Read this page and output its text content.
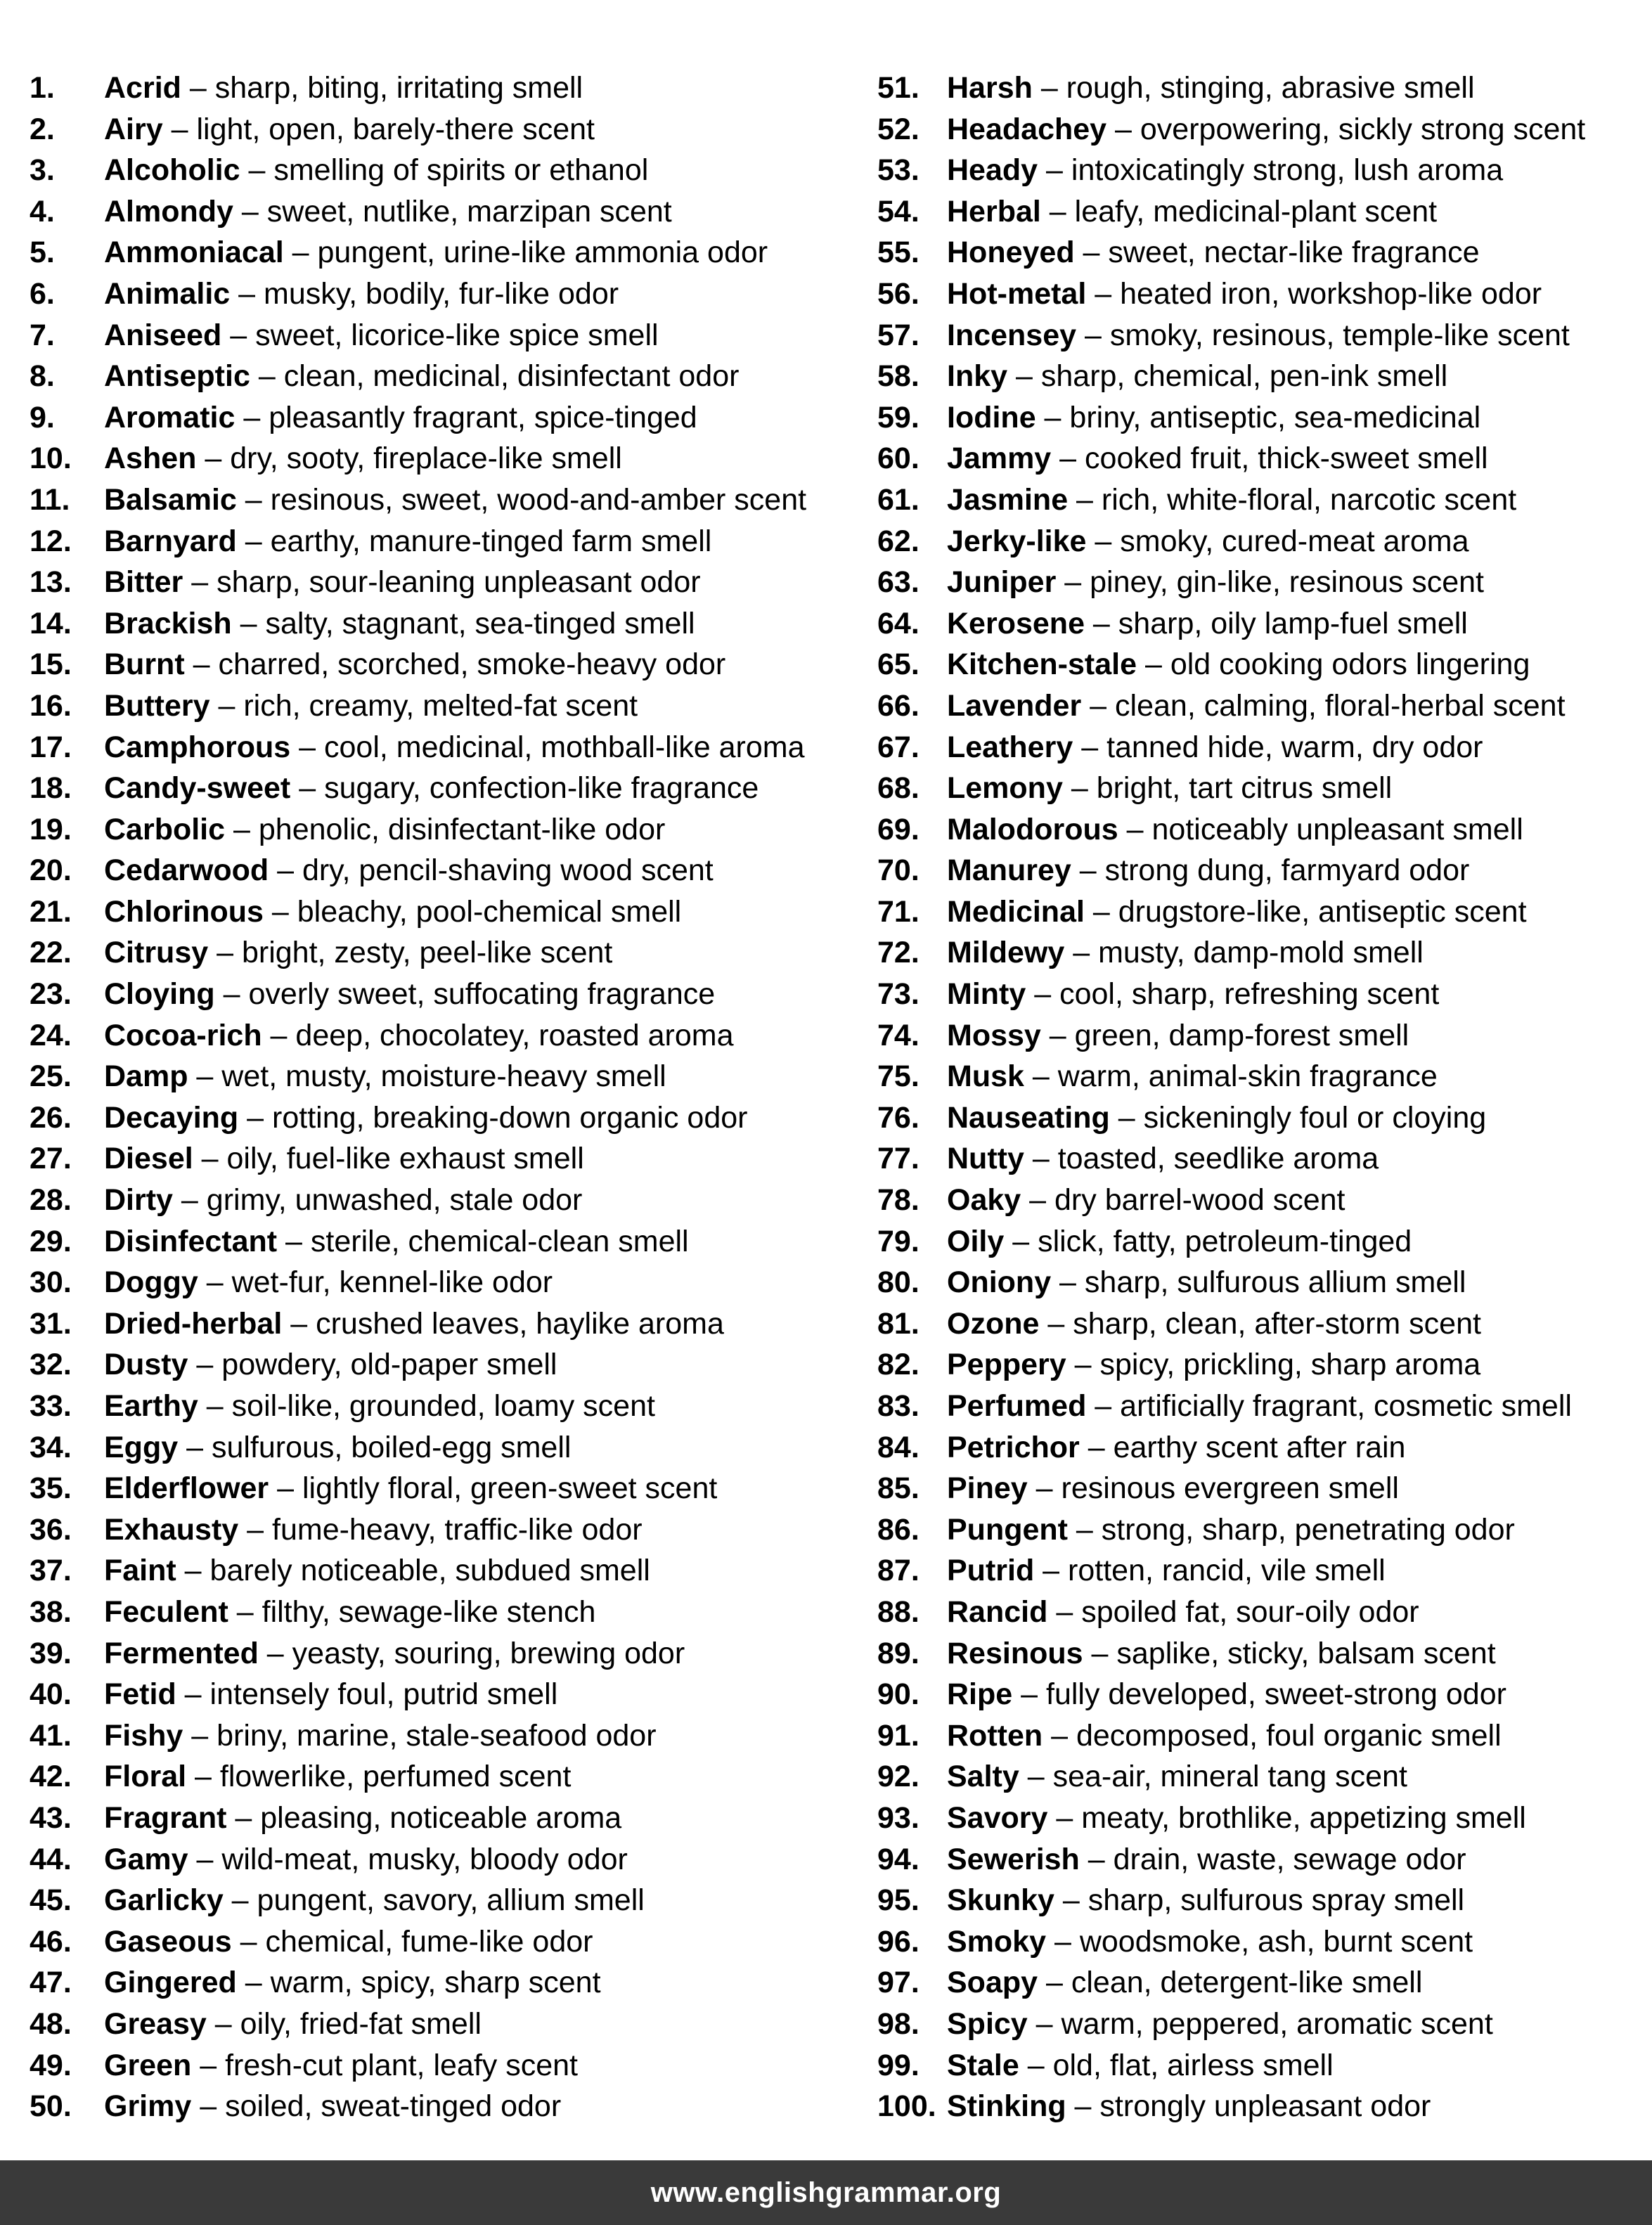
1.	Acrid – sharp, biting, irritating smell
2.	Airy – light, open, barely-there scent
3.	Alcoholic – smelling of spirits or ethanol
4.	Almondy – sweet, nutlike, marzipan scent
5.	Ammoniacal – pungent, urine-like ammonia odor
6.	Animalic – musky, bodily, fur-like odor
7.	Aniseed – sweet, licorice-like spice smell
8.	Antiseptic – clean, medicinal, disinfectant odor
9.	Aromatic – pleasantly fragrant, spice-tinged
10.	Ashen – dry, sooty, fireplace-like smell
11.	Balsamic – resinous, sweet, wood-and-amber scent
12.	Barnyard – earthy, manure-tinged farm smell
13.	Bitter – sharp, sour-leaning unpleasant odor
14.	Brackish – salty, stagnant, sea-tinged smell
15.	Burnt – charred, scorched, smoke-heavy odor
16.	Buttery – rich, creamy, melted-fat scent
17.	Camphorous – cool, medicinal, mothball-like aroma
18.	Candy-sweet – sugary, confection-like fragrance
19.	Carbolic – phenolic, disinfectant-like odor
20.	Cedarwood – dry, pencil-shaving wood scent
21.	Chlorinous – bleachy, pool-chemical smell
22.	Citrusy – bright, zesty, peel-like scent
23.	Cloying – overly sweet, suffocating fragrance
24.	Cocoa-rich – deep, chocolatey, roasted aroma
25.	Damp – wet, musty, moisture-heavy smell
26.	Decaying – rotting, breaking-down organic odor
27.	Diesel – oily, fuel-like exhaust smell
28.	Dirty – grimy, unwashed, stale odor
29.	Disinfectant – sterile, chemical-clean smell
30.	Doggy – wet-fur, kennel-like odor
31.	Dried-herbal – crushed leaves, haylike aroma
32.	Dusty – powdery, old-paper smell
33.	Earthy – soil-like, grounded, loamy scent
34.	Eggy – sulfurous, boiled-egg smell
35.	Elderflower – lightly floral, green-sweet scent
36.	Exhausty – fume-heavy, traffic-like odor
37.	Faint – barely noticeable, subdued smell
38.	Feculent – filthy, sewage-like stench
39.	Fermented – yeasty, souring, brewing odor
40.	Fetid – intensely foul, putrid smell
41.	Fishy – briny, marine, stale-seafood odor
42.	Floral – flowerlike, perfumed scent
43.	Fragrant – pleasing, noticeable aroma
44.	Gamy – wild-meat, musky, bloody odor
45.	Garlicky – pungent, savory, allium smell
46.	Gaseous – chemical, fume-like odor
47.	Gingered – warm, spicy, sharp scent
48.	Greasy – oily, fried-fat smell
49.	Green – fresh-cut plant, leafy scent
50.	Grimy – soiled, sweat-tinged odor
51. Harsh – rough, stinging, abrasive smell
52. Headachey – overpowering, sickly strong scent
53. Heady – intoxicatingly strong, lush aroma
54. Herbal – leafy, medicinal-plant scent
55. Honeyed – sweet, nectar-like fragrance
56. Hot-metal – heated iron, workshop-like odor
57. Incensey – smoky, resinous, temple-like scent
58. Inky – sharp, chemical, pen-ink smell
59. Iodine – briny, antiseptic, sea-medicinal
60. Jammy – cooked fruit, thick-sweet smell
61. Jasmine – rich, white-floral, narcotic scent
62. Jerky-like – smoky, cured-meat aroma
63. Juniper – piney, gin-like, resinous scent
64. Kerosene – sharp, oily lamp-fuel smell
65. Kitchen-stale – old cooking odors lingering
66. Lavender – clean, calming, floral-herbal scent
67. Leathery – tanned hide, warm, dry odor
68. Lemony – bright, tart citrus smell
69. Malodorous – noticeably unpleasant smell
70. Manurey – strong dung, farmyard odor
71. Medicinal – drugstore-like, antiseptic scent
72. Mildewy – musty, damp-mold smell
73. Minty – cool, sharp, refreshing scent
74. Mossy – green, damp-forest smell
75. Musk – warm, animal-skin fragrance
76. Nauseating – sickeningly foul or cloying
77. Nutty – toasted, seedlike aroma
78. Oaky – dry barrel-wood scent
79. Oily – slick, fatty, petroleum-tinged
80. Oniony – sharp, sulfurous allium smell
81. Ozone – sharp, clean, after-storm scent
82. Peppery – spicy, prickling, sharp aroma
83. Perfumed – artificially fragrant, cosmetic smell
84. Petrichor – earthy scent after rain
85. Piney – resinous evergreen smell
86. Pungent – strong, sharp, penetrating odor
87. Putrid – rotten, rancid, vile smell
88. Rancid – spoiled fat, sour-oily odor
89. Resinous – saplike, sticky, balsam scent
90. Ripe – fully developed, sweet-strong odor
91. Rotten – decomposed, foul organic smell
92. Salty – sea-air, mineral tang scent
93. Savory – meaty, brothlike, appetizing smell
94. Sewerish – drain, waste, sewage odor
95. Skunky – sharp, sulfurous spray smell
96. Smoky – woodsmoke, ash, burnt scent
97. Soapy – clean, detergent-like smell
98. Spicy – warm, peppered, aromatic scent
99. Stale – old, flat, airless smell
100. Stinking – strongly unpleasant odor
www.englishgrammar.org
